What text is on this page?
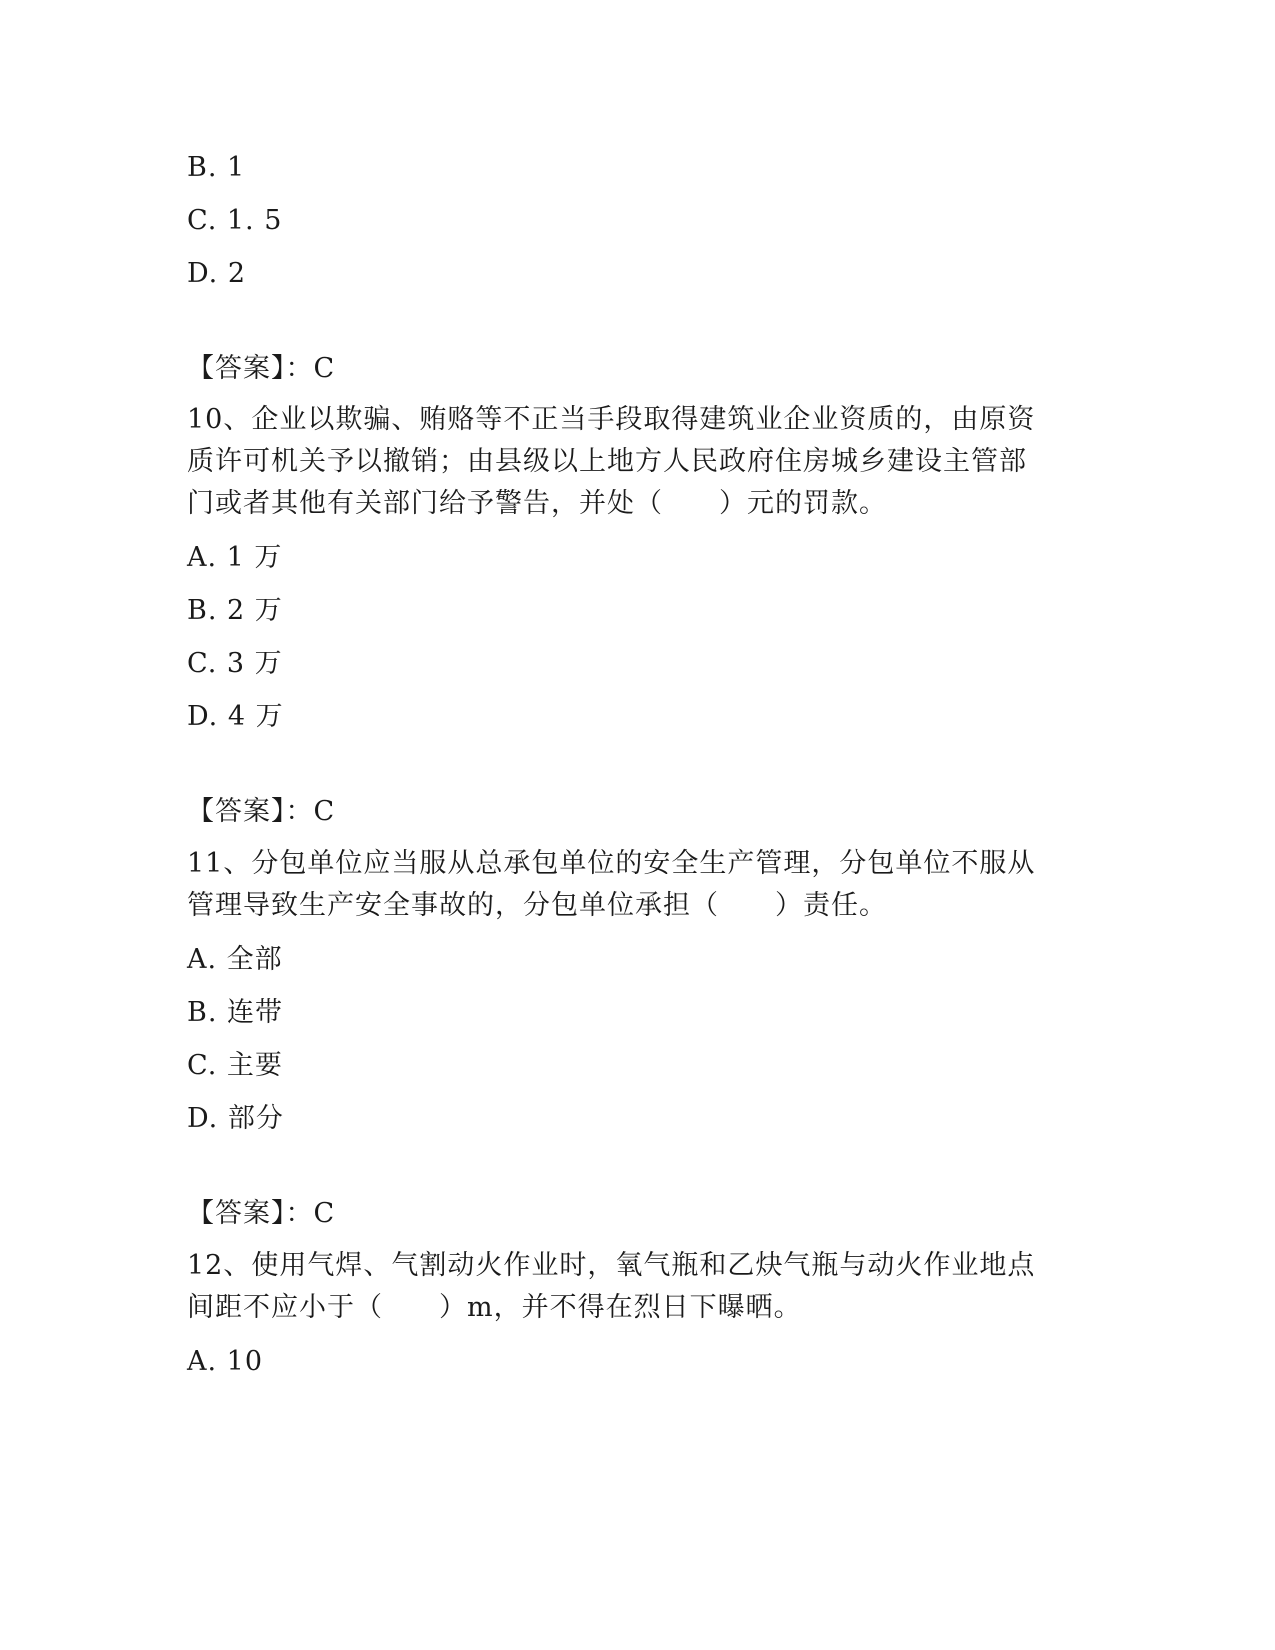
B. 1
C. 1. 5
D. 2
【答案】：C
10、企业以欺骗、贿赂等不正当手段取得建筑业企业资质的，由原资
质许可机关予以撤销；由县级以上地方人民政府住房城乡建设主管部
门或者其他有关部门给予警告，并处（　　）元的罚款。
A. 1 万
B. 2 万
C. 3 万
D. 4 万
【答案】：C
11、分包单位应当服从总承包单位的安全生产管理，分包单位不服从
管理导致生产安全事故的，分包单位承担（　　）责任。
A. 全部
B. 连带
C. 主要
D. 部分
【答案】：C
12、使用气焊、气割动火作业时，氧气瓶和乙炔气瓶与动火作业地点
间距不应小于（　　）m，并不得在烈日下曝晒。
A. 10
